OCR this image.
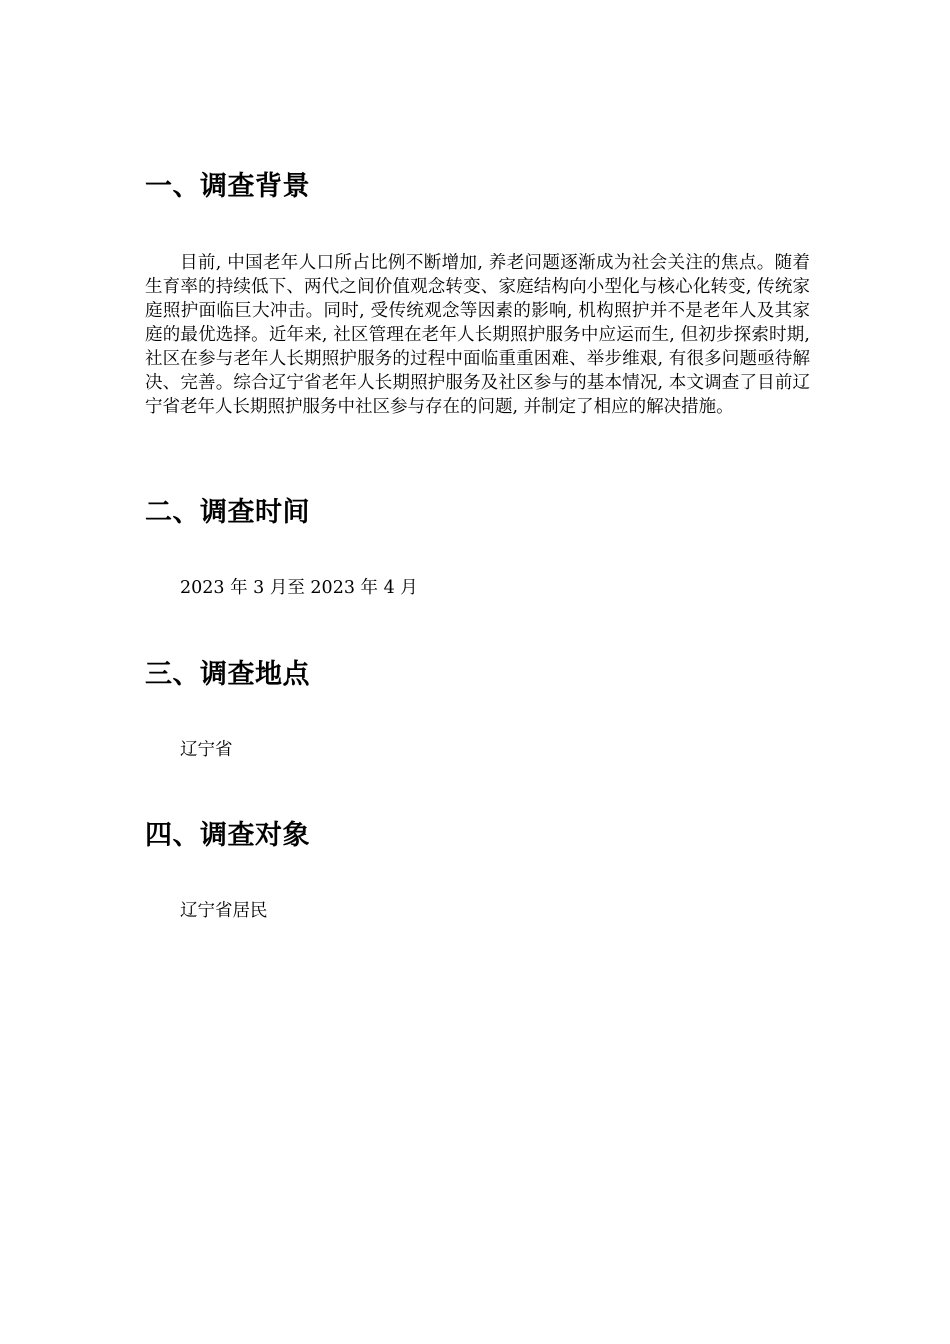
一、调查背景

目前, 中国老年人口所占比例不断增加, 养老问题逐渐成为社会关注的焦点。随着生育率的持续低下、两代之间价值观念转变、家庭结构向小型化与核心化转变, 传统家庭照护面临巨大冲击。同时, 受传统观念等因素的影响, 机构照护并不是老年人及其家庭的最优选择。近年来, 社区管理在老年人长期照护服务中应运而生, 但初步探索时期, 社区在参与老年人长期照护服务的过程中面临重重困难、举步维艰, 有很多问题亟待解决、完善。综合辽宁省老年人长期照护服务及社区参与的基本情况, 本文调查了目前辽宁省老年人长期照护服务中社区参与存在的问题, 并制定了相应的解决措施。

二、调查时间

2023 年 3 月至 2023 年 4 月

三、调查地点

辽宁省

四、调查对象

辽宁省居民
